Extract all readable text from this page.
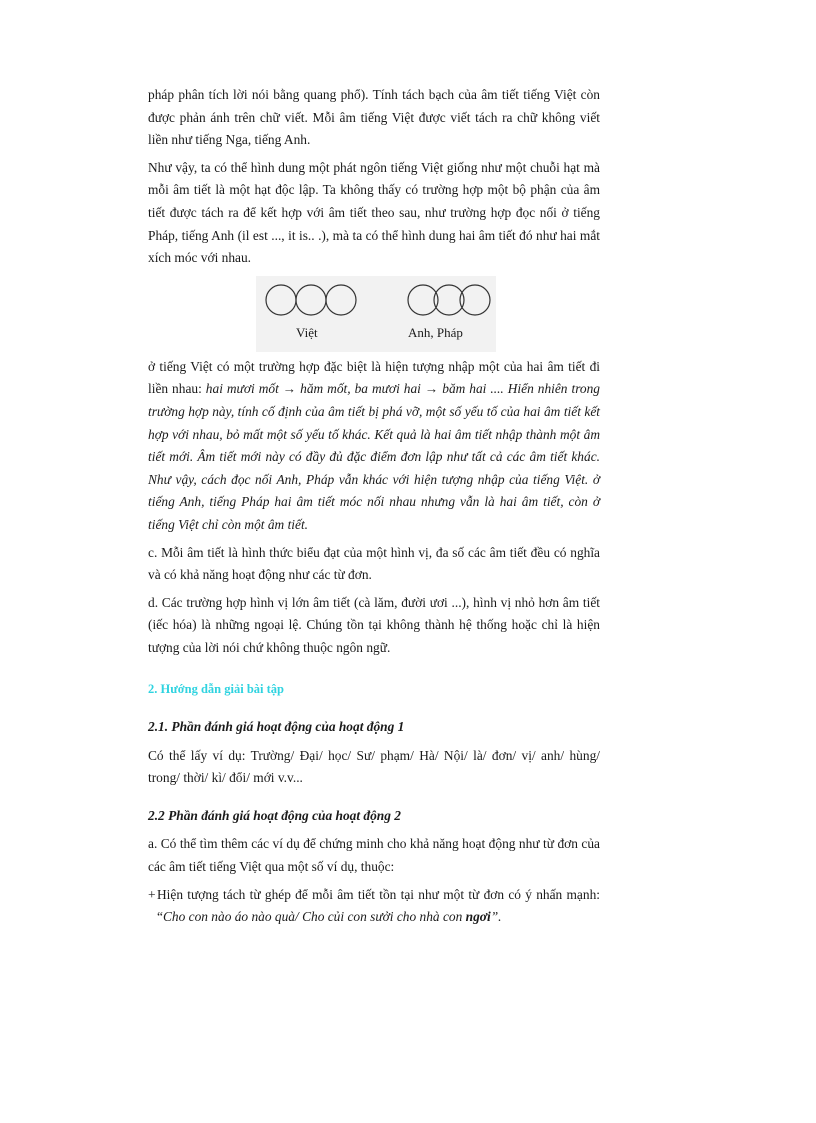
pháp phân tích lời nói bằng quang phổ). Tính tách bạch của âm tiết tiếng Việt còn được phản ánh trên chữ viết. Mỗi âm tiếng Việt được viết tách ra chữ không viết liền như tiếng Nga, tiếng Anh.

Như vậy, ta có thể hình dung một phát ngôn tiếng Việt giống như một chuỗi hạt mà mỗi âm tiết là một hạt độc lập. Ta không thấy có trường hợp một bộ phận của âm tiết được tách ra để kết hợp với âm tiết theo sau, như trường hợp đọc nối ở tiếng Pháp, tiếng Anh (il est ..., it is.. .), mà ta có thể hình dung hai âm tiết đó như hai mắt xích móc với nhau.

Việt	Anh, Pháp

ở tiếng Việt có một trường hợp đặc biệt là hiện tượng nhập một của hai âm tiết đi liền nhau: hai mươi mốt → hăm mốt, ba mươi hai → băm hai .... Hiển nhiên trong trường hợp này, tính cố định của âm tiết bị phá vỡ, một số yếu tố của hai âm tiết kết hợp với nhau, bỏ mất một số yếu tố khác. Kết quả là hai âm tiết nhập thành một âm tiết mới. Âm tiết mới này có đầy đủ đặc điểm đơn lập như tất cả các âm tiết khác. Như vậy, cách đọc nối Anh, Pháp vẫn khác với hiện tượng nhập của tiếng Việt. ở tiếng Anh, tiếng Pháp hai âm tiết móc nối nhau nhưng vẫn là hai âm tiết, còn ở tiếng Việt chỉ còn một âm tiết.

c. Mỗi âm tiết là hình thức biểu đạt của một hình vị, đa số các âm tiết đều có nghĩa và có khả năng hoạt động như các từ đơn.

d. Các trường hợp hình vị lớn âm tiết (cà lăm, đười ươi ...), hình vị nhỏ hơn âm tiết (iếc hóa) là những ngoại lệ. Chúng tồn tại không thành hệ thống hoặc chỉ là hiện tượng của lời nói chứ không thuộc ngôn ngữ.

2. Hướng dẫn giải bài tập
2.1. Phần đánh giá hoạt động của hoạt động 1

Có thể lấy ví dụ: Trường/ Đại/ học/ Sư/ phạm/ Hà/ Nội/ là/ đơn/ vị/ anh/ hùng/ trong/ thời/ kì/ đổi/ mới v.v...

2.2 Phần đánh giá hoạt động của hoạt động 2

a. Có thể tìm thêm các ví dụ để chứng minh cho khả năng hoạt động như từ đơn của các âm tiết tiếng Việt qua một số ví dụ, thuộc:

+ Hiện tượng tách từ ghép để mỗi âm tiết tồn tại như một từ đơn có ý nhấn mạnh: “Cho con nào áo nào quà/ Cho củi con sưởi cho nhà con ngơi”.
